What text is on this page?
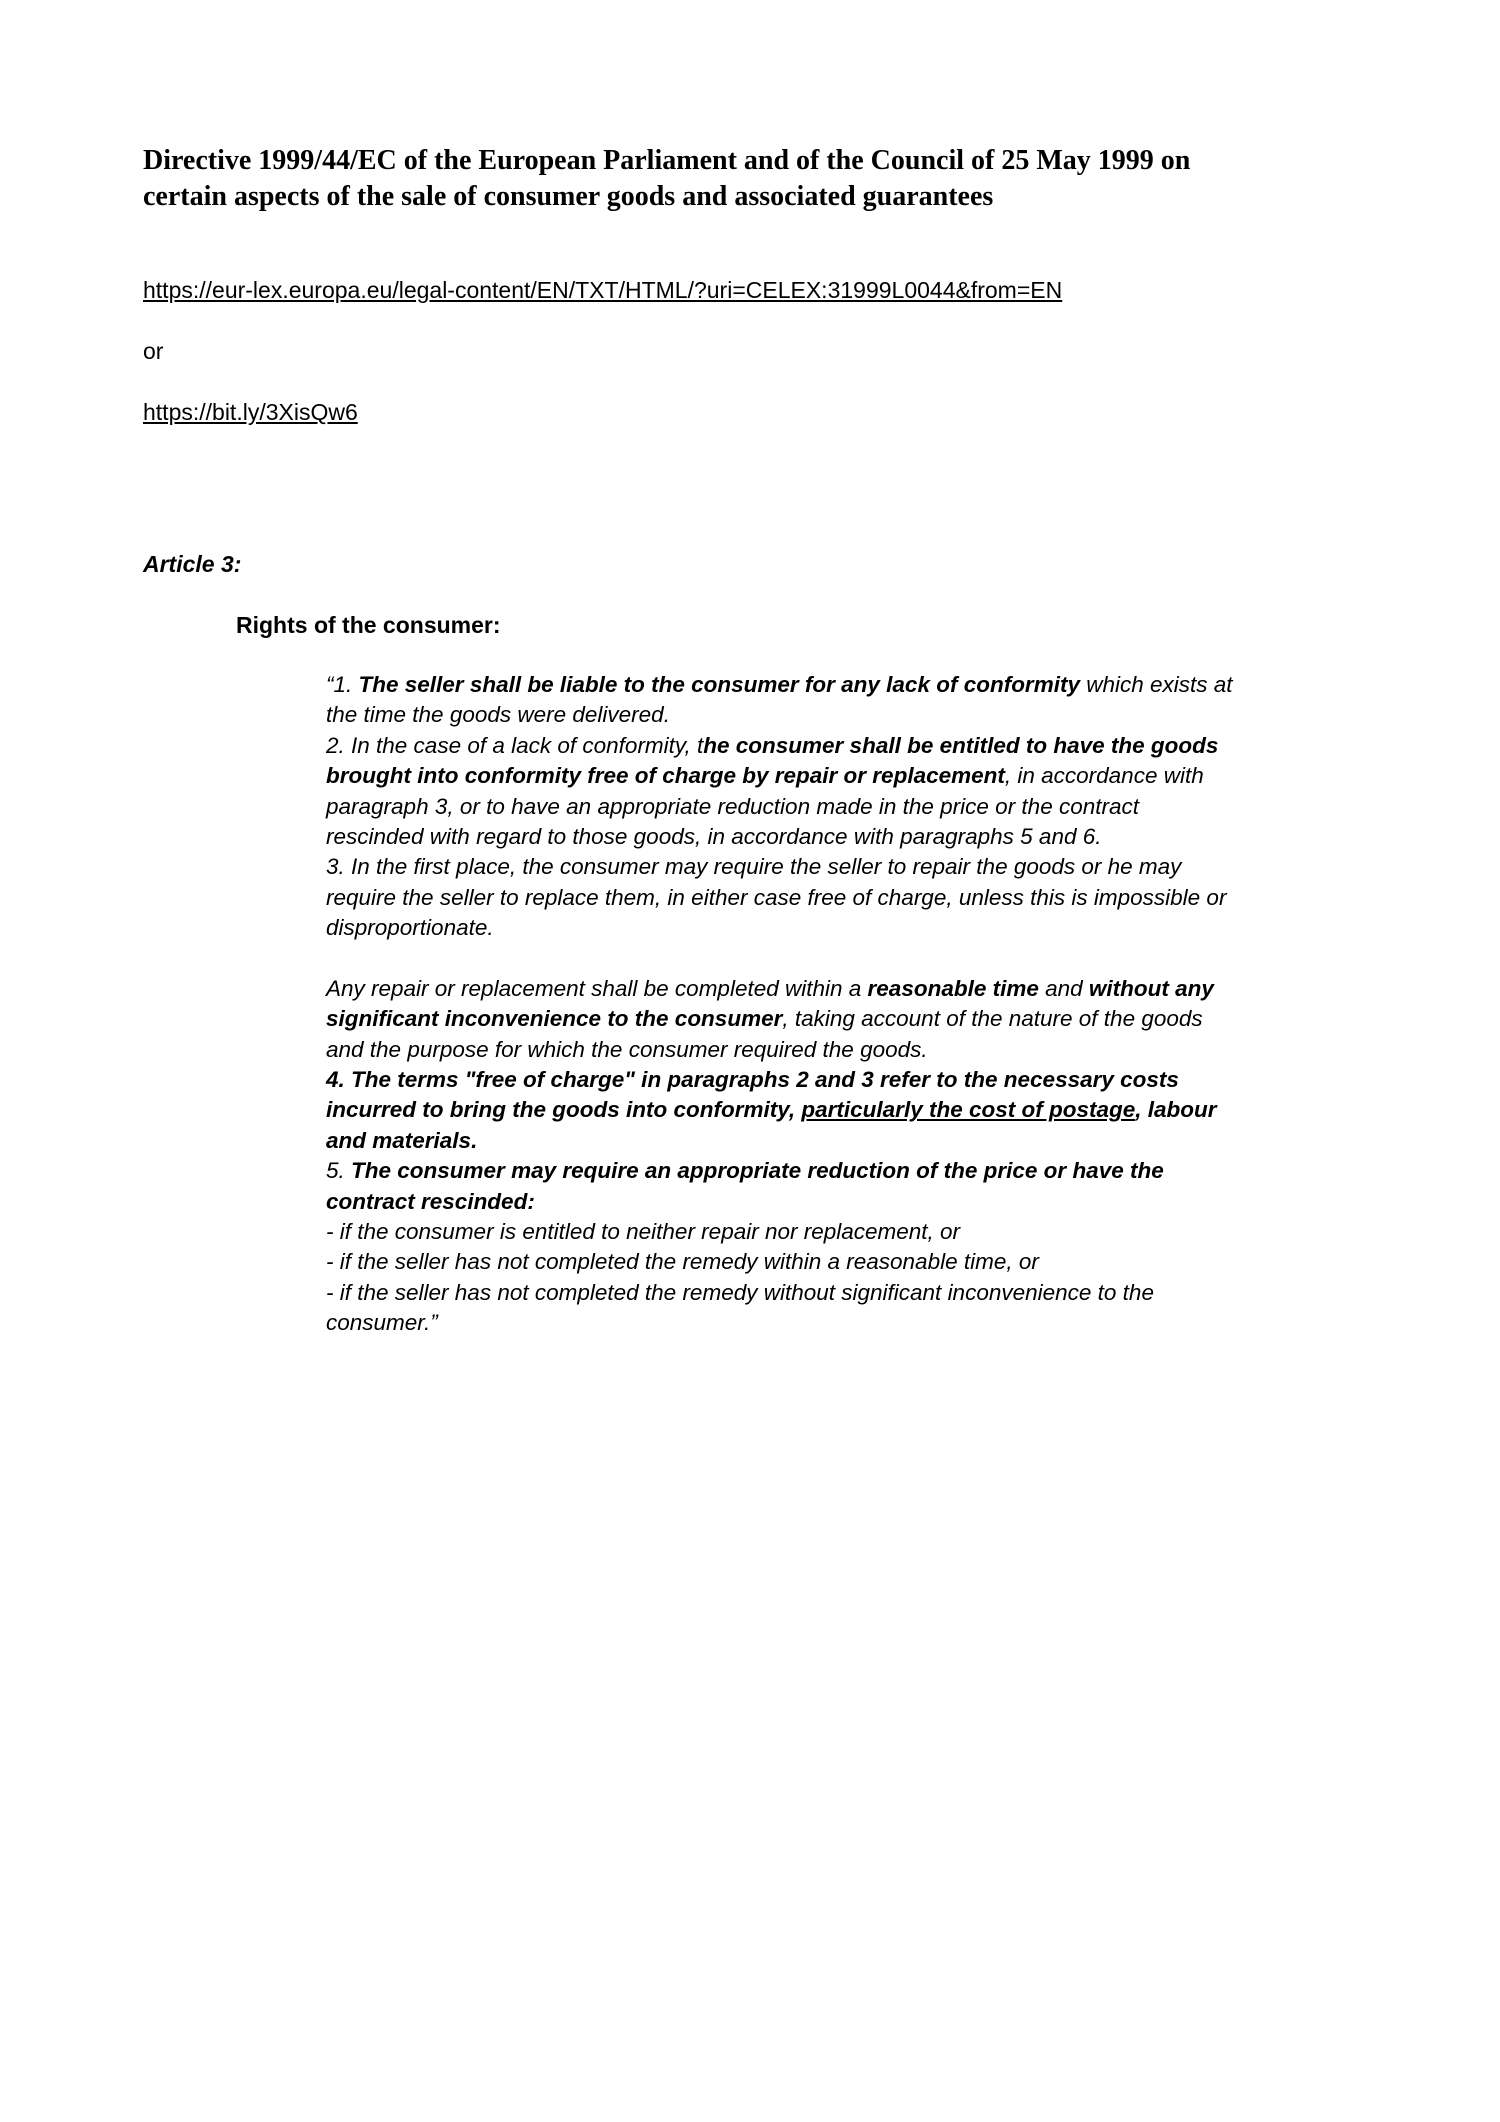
Directive 1999/44/EC of the European Parliament and of the Council of 25 May 1999 on
certain aspects of the sale of consumer goods and associated guarantees
https://eur-lex.europa.eu/legal-content/EN/TXT/HTML/?uri=CELEX:31999L0044&from=EN
or
https://bit.ly/3XisQw6
Article 3:
Rights of the consumer:
“1. The seller shall be liable to the consumer for any lack of conformity which exists at
the time the goods were delivered.
2. In the case of a lack of conformity, the consumer shall be entitled to have the goods
brought into conformity free of charge by repair or replacement, in accordance with
paragraph 3, or to have an appropriate reduction made in the price or the contract
rescinded with regard to those goods, in accordance with paragraphs 5 and 6.
3. In the first place, the consumer may require the seller to repair the goods or he may
require the seller to replace them, in either case free of charge, unless this is impossible or
disproportionate.
Any repair or replacement shall be completed within a reasonable time and without any
significant inconvenience to the consumer, taking account of the nature of the goods
and the purpose for which the consumer required the goods.
4. The terms "free of charge" in paragraphs 2 and 3 refer to the necessary costs
incurred to bring the goods into conformity, particularly the cost of postage, labour
and materials.
5. The consumer may require an appropriate reduction of the price or have the
contract rescinded:
- if the consumer is entitled to neither repair nor replacement, or
- if the seller has not completed the remedy within a reasonable time, or
- if the seller has not completed the remedy without significant inconvenience to the
consumer.”
